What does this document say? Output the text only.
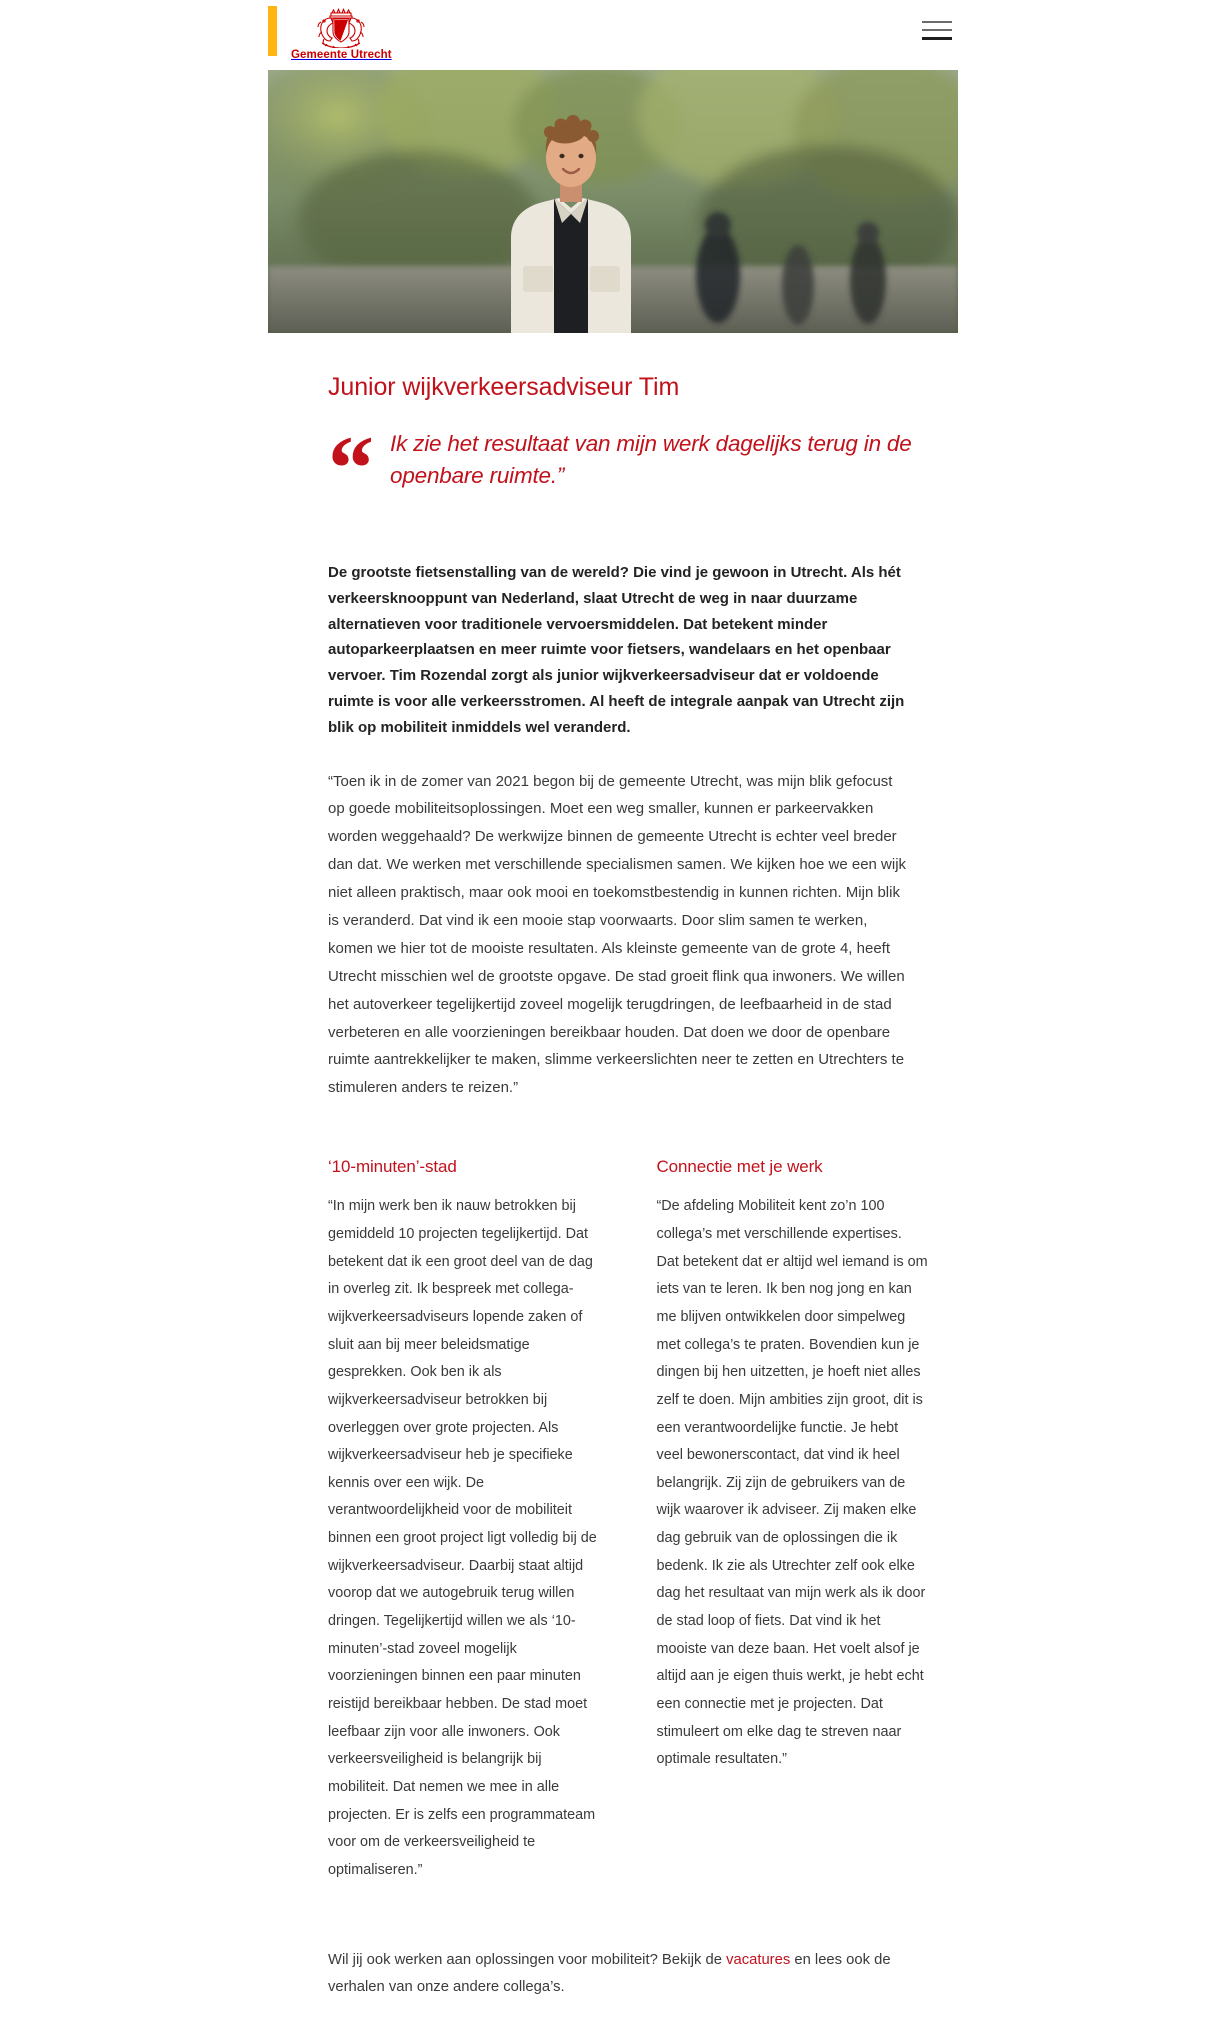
Gemeente Utrecht
Junior wijkverkeersadviseur Tim
“ Ik zie het resultaat van mijn werk dagelijks terug in de openbare ruimte.”

De grootste fietsenstalling van de wereld? Die vind je gewoon in Utrecht. Als hét verkeersknooppunt van Nederland, slaat Utrecht de weg in naar duurzame alternatieven voor traditionele vervoersmiddelen. Dat betekent minder autoparkeerplaatsen en meer ruimte voor fietsers, wandelaars en het openbaar vervoer. Tim Rozendal zorgt als junior wijkverkeersadviseur dat er voldoende ruimte is voor alle verkeersstromen. Al heeft de integrale aanpak van Utrecht zijn blik op mobiliteit inmiddels wel veranderd.

“Toen ik in de zomer van 2021 begon bij de gemeente Utrecht, was mijn blik gefocust op goede mobiliteitsoplossingen. Moet een weg smaller, kunnen er parkeervakken worden weggehaald? De werkwijze binnen de gemeente Utrecht is echter veel breder dan dat. We werken met verschillende specialismen samen. We kijken hoe we een wijk niet alleen praktisch, maar ook mooi en toekomstbestendig in kunnen richten. Mijn blik is veranderd. Dat vind ik een mooie stap voorwaarts. Door slim samen te werken, komen we hier tot de mooiste resultaten. Als kleinste gemeente van de grote 4, heeft Utrecht misschien wel de grootste opgave. De stad groeit flink qua inwoners. We willen het autoverkeer tegelijkertijd zoveel mogelijk terugdringen, de leefbaarheid in de stad verbeteren en alle voorzieningen bereikbaar houden. Dat doen we door de openbare ruimte aantrekkelijker te maken, slimme verkeerslichten neer te zetten en Utrechters te stimuleren anders te reizen.”

‘10-minuten’-stad

“In mijn werk ben ik nauw betrokken bij gemiddeld 10 projecten tegelijkertijd. Dat betekent dat ik een groot deel van de dag in overleg zit. Ik bespreek met collega-wijkverkeersadviseurs lopende zaken of sluit aan bij meer beleidsmatige gesprekken. Ook ben ik als wijkverkeersadviseur betrokken bij overleggen over grote projecten. Als wijkverkeersadviseur heb je specifieke kennis over een wijk. De verantwoordelijkheid voor de mobiliteit binnen een groot project ligt volledig bij de wijkverkeersadviseur. Daarbij staat altijd voorop dat we autogebruik terug willen dringen. Tegelijkertijd willen we als ‘10-minuten’-stad zoveel mogelijk voorzieningen binnen een paar minuten reistijd bereikbaar hebben. De stad moet leefbaar zijn voor alle inwoners. Ook verkeersveiligheid is belangrijk bij mobiliteit. Dat nemen we mee in alle projecten. Er is zelfs een programmateam voor om de verkeersveiligheid te optimaliseren.”

Connectie met je werk

“De afdeling Mobiliteit kent zo’n 100 collega’s met verschillende expertises. Dat betekent dat er altijd wel iemand is om iets van te leren. Ik ben nog jong en kan me blijven ontwikkelen door simpelweg met collega’s te praten. Bovendien kun je dingen bij hen uitzetten, je hoeft niet alles zelf te doen. Mijn ambities zijn groot, dit is een verantwoordelijke functie. Je hebt veel bewonerscontact, dat vind ik heel belangrijk. Zij zijn de gebruikers van de wijk waarover ik adviseer. Zij maken elke dag gebruik van de oplossingen die ik bedenk. Ik zie als Utrechter zelf ook elke dag het resultaat van mijn werk als ik door de stad loop of fiets. Dat vind ik het mooiste van deze baan. Het voelt alsof je altijd aan je eigen thuis werkt, je hebt echt een connectie met je projecten. Dat stimuleert om elke dag te streven naar optimale resultaten.”

Wil jij ook werken aan oplossingen voor mobiliteit? Bekijk de vacatures en lees ook de verhalen van onze andere collega’s.
